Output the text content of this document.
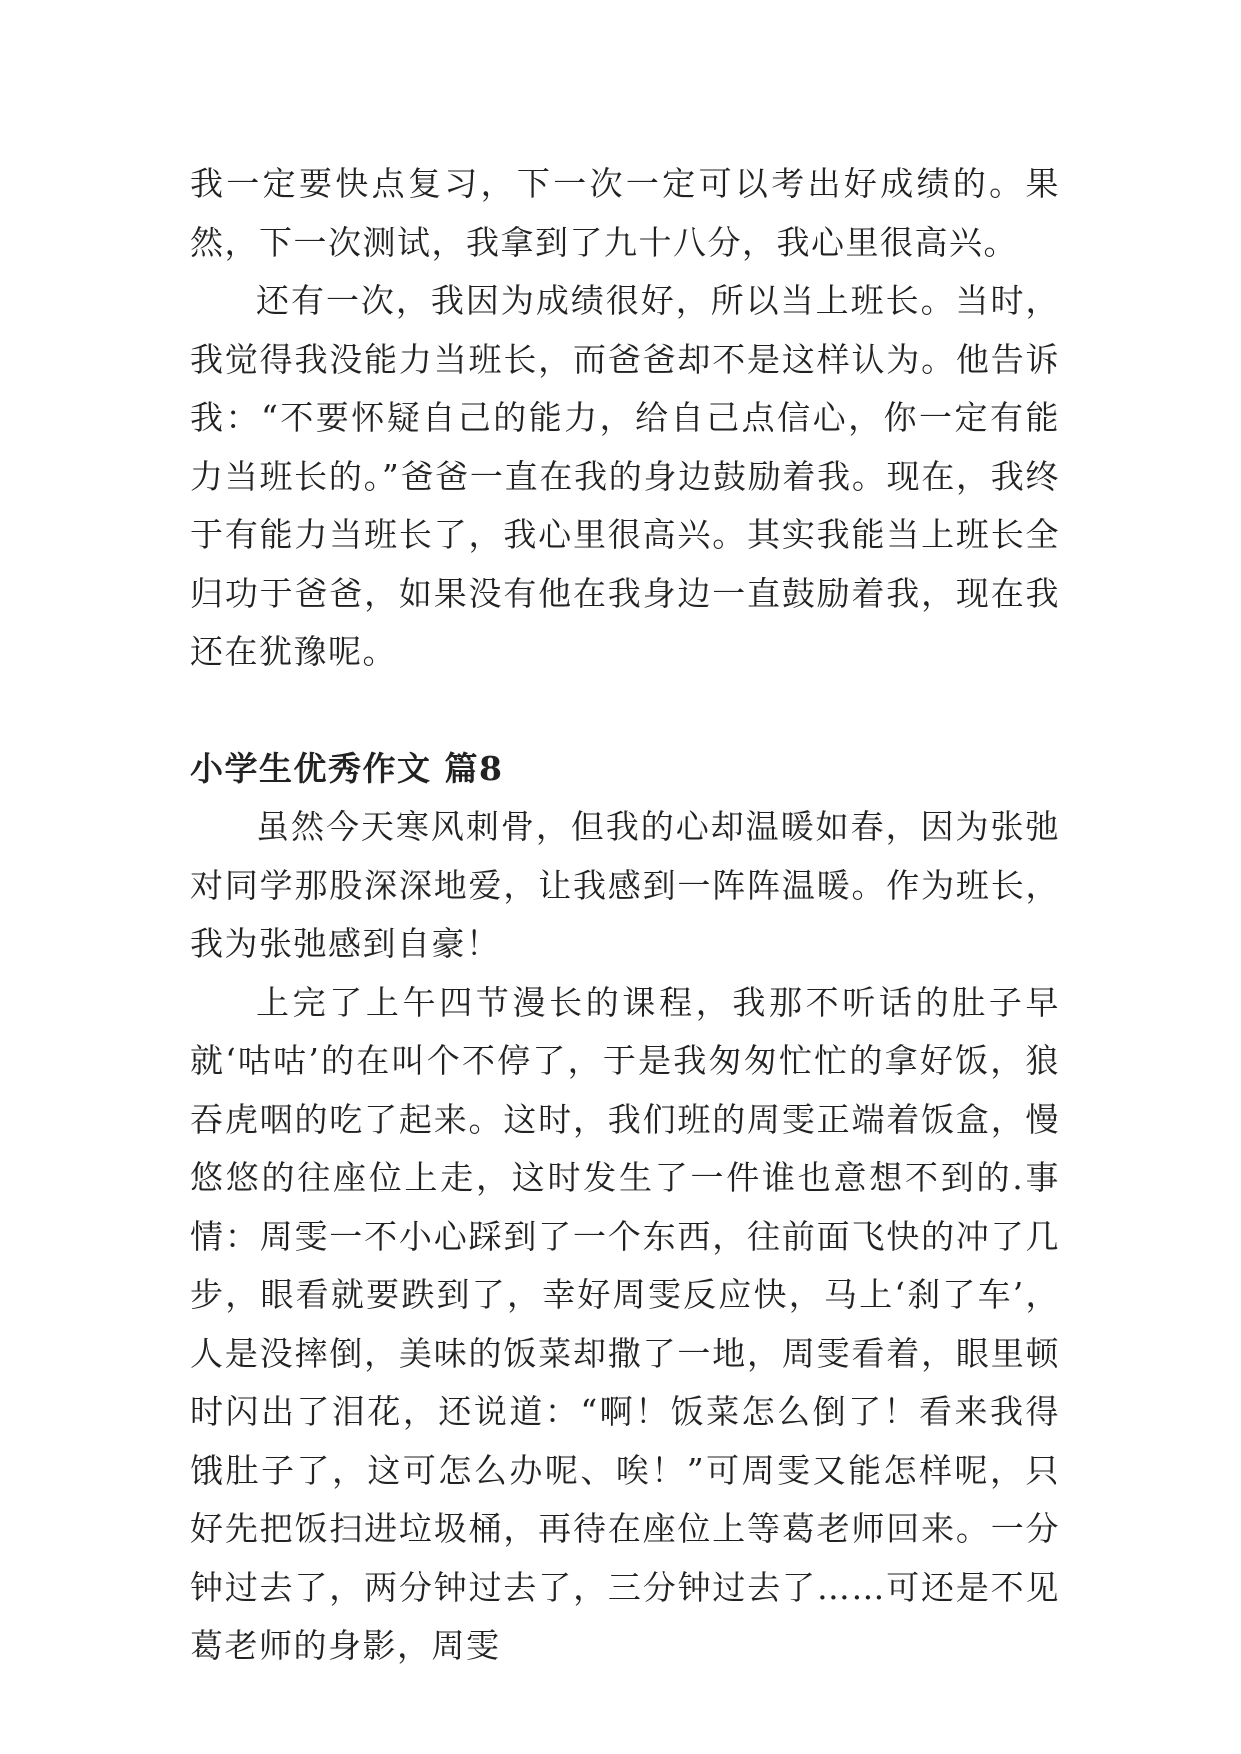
我一定要快点复习，下一次一定可以考出好成绩的。果然，下一次测试，我拿到了九十八分，我心里很高兴。

还有一次，我因为成绩很好，所以当上班长。当时，我觉得我没能力当班长，而爸爸却不是这样认为。他告诉我：“不要怀疑自己的能力，给自己点信心，你一定有能力当班长的。”爸爸一直在我的身边鼓励着我。现在，我终于有能力当班长了，我心里很高兴。其实我能当上班长全归功于爸爸，如果没有他在我身边一直鼓励着我，现在我还在犹豫呢。

小学生优秀作文 篇8

虽然今天寒风刺骨，但我的心却温暖如春，因为张弛对同学那股深深地爱，让我感到一阵阵温暖。作为班长，我为张弛感到自豪！

上完了上午四节漫长的课程，我那不听话的肚子早就‘咕咕’的在叫个不停了，于是我匆匆忙忙的拿好饭，狼吞虎咽的吃了起来。这时，我们班的周雯正端着饭盒，慢悠悠的往座位上走，这时发生了一件谁也意想不到的.事情：周雯一不小心踩到了一个东西，往前面飞快的冲了几步，眼看就要跌到了，幸好周雯反应快，马上‘刹了车’，人是没摔倒，美味的饭菜却撒了一地，周雯看着，眼里顿时闪出了泪花，还说道：“啊！饭菜怎么倒了！看来我得饿肚子了，这可怎么办呢、唉！”可周雯又能怎样呢，只好先把饭扫进垃圾桶，再待在座位上等葛老师回来。一分钟过去了，两分钟过去了，三分钟过去了……可还是不见葛老师的身影，周雯
